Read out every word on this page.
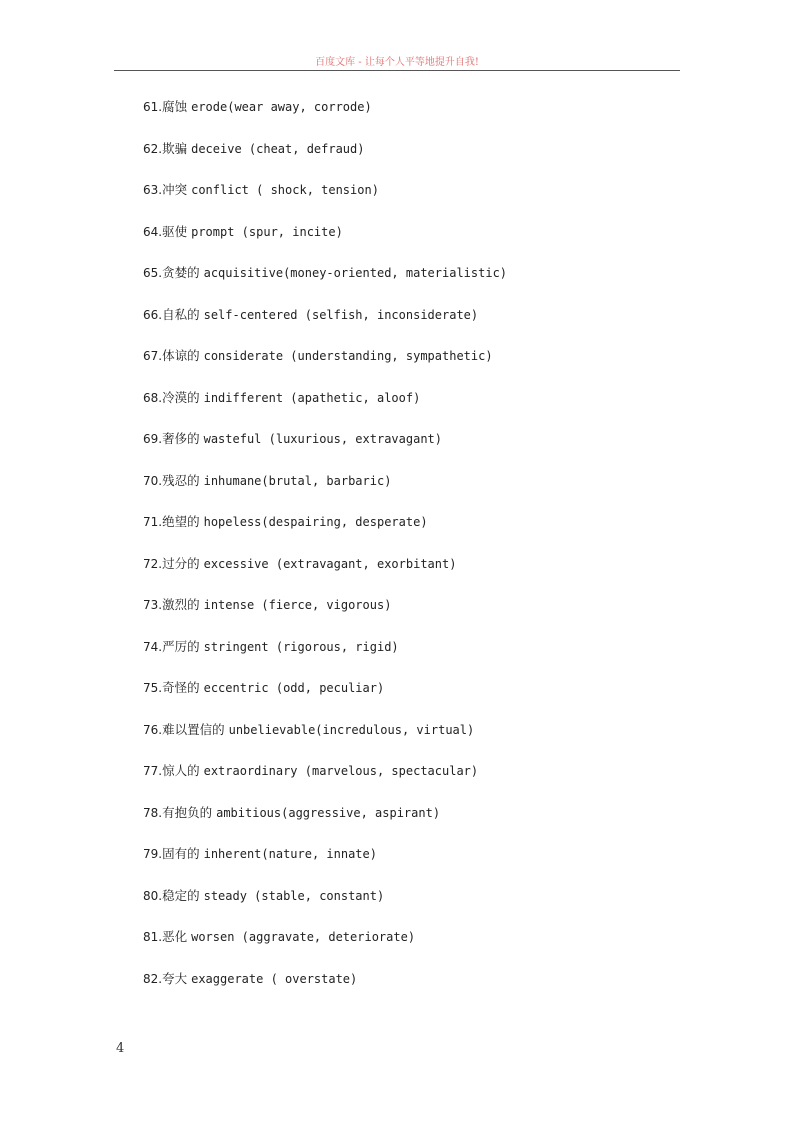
百度文库 - 让每个人平等地提升自我!
61.腐蚀 erode(wear away, corrode)
62.欺骗 deceive (cheat, defraud)
63.冲突 conflict ( shock, tension)
64.驱使 prompt (spur, incite)
65.贪婪的 acquisitive(money-oriented, materialistic)
66.自私的 self-centered (selfish, inconsiderate)
67.体谅的 considerate (understanding, sympathetic)
68.冷漠的 indifferent (apathetic, aloof)
69.奢侈的 wasteful (luxurious, extravagant)
70.残忍的 inhumane(brutal, barbaric)
71.绝望的 hopeless(despairing, desperate)
72.过分的 excessive (extravagant, exorbitant)
73.激烈的 intense (fierce, vigorous)
74.严厉的 stringent (rigorous, rigid)
75.奇怪的 eccentric (odd, peculiar)
76.难以置信的 unbelievable(incredulous, virtual)
77.惊人的 extraordinary (marvelous, spectacular)
78.有抱负的 ambitious(aggressive, aspirant)
79.固有的 inherent(nature, innate)
80.稳定的 steady (stable, constant)
81.恶化 worsen (aggravate, deteriorate)
82.夸大 exaggerate ( overstate)
4
